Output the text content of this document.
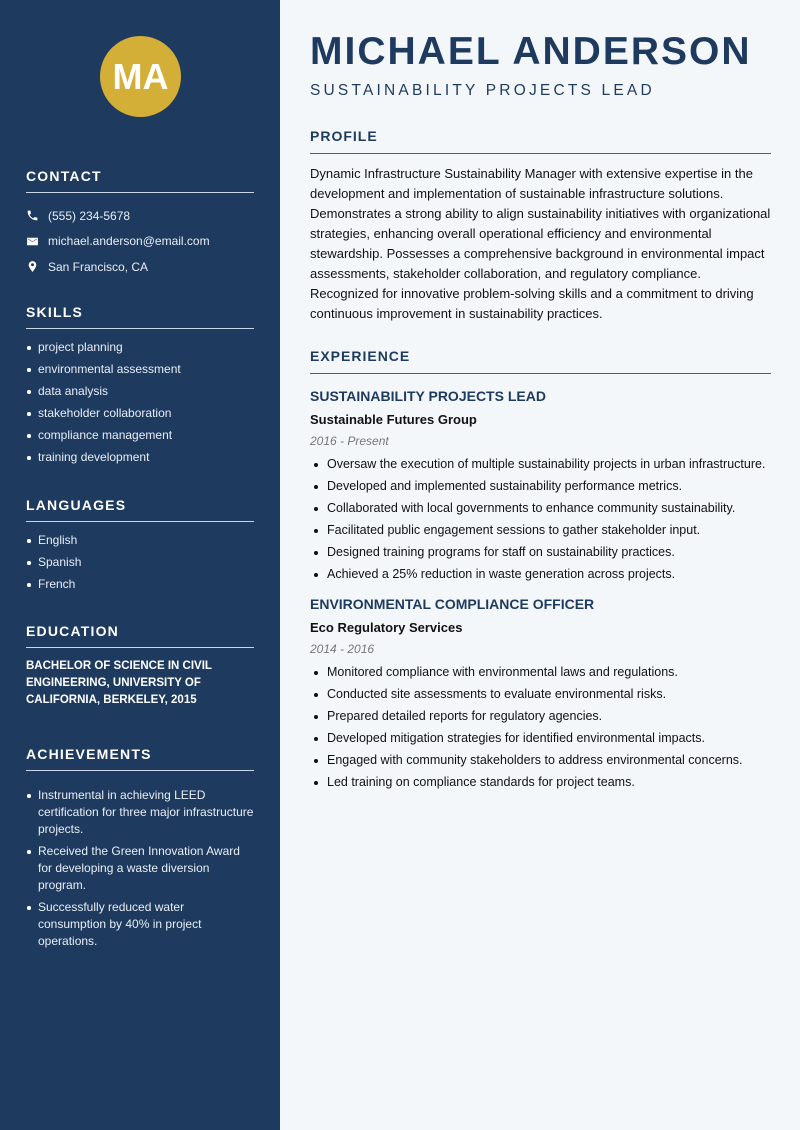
MA
CONTACT
(555) 234-5678
michael.anderson@email.com
San Francisco, CA
SKILLS
project planning
environmental assessment
data analysis
stakeholder collaboration
compliance management
training development
LANGUAGES
English
Spanish
French
EDUCATION
BACHELOR OF SCIENCE IN CIVIL ENGINEERING, UNIVERSITY OF CALIFORNIA, BERKELEY, 2015
ACHIEVEMENTS
Instrumental in achieving LEED certification for three major infrastructure projects.
Received the Green Innovation Award for developing a waste diversion program.
Successfully reduced water consumption by 40% in project operations.
MICHAEL ANDERSON
SUSTAINABILITY PROJECTS LEAD
PROFILE

Dynamic Infrastructure Sustainability Manager with extensive expertise in the development and implementation of sustainable infrastructure solutions. Demonstrates a strong ability to align sustainability initiatives with organizational strategies, enhancing overall operational efficiency and environmental stewardship. Possesses a comprehensive background in environmental impact assessments, stakeholder collaboration, and regulatory compliance. Recognized for innovative problem-solving skills and a commitment to driving continuous improvement in sustainability practices.

EXPERIENCE
SUSTAINABILITY PROJECTS LEAD
Sustainable Futures Group
2016 - Present
Oversaw the execution of multiple sustainability projects in urban infrastructure.
Developed and implemented sustainability performance metrics.
Collaborated with local governments to enhance community sustainability.
Facilitated public engagement sessions to gather stakeholder input.
Designed training programs for staff on sustainability practices.
Achieved a 25% reduction in waste generation across projects.
ENVIRONMENTAL COMPLIANCE OFFICER
Eco Regulatory Services
2014 - 2016
Monitored compliance with environmental laws and regulations.
Conducted site assessments to evaluate environmental risks.
Prepared detailed reports for regulatory agencies.
Developed mitigation strategies for identified environmental impacts.
Engaged with community stakeholders to address environmental concerns.
Led training on compliance standards for project teams.
